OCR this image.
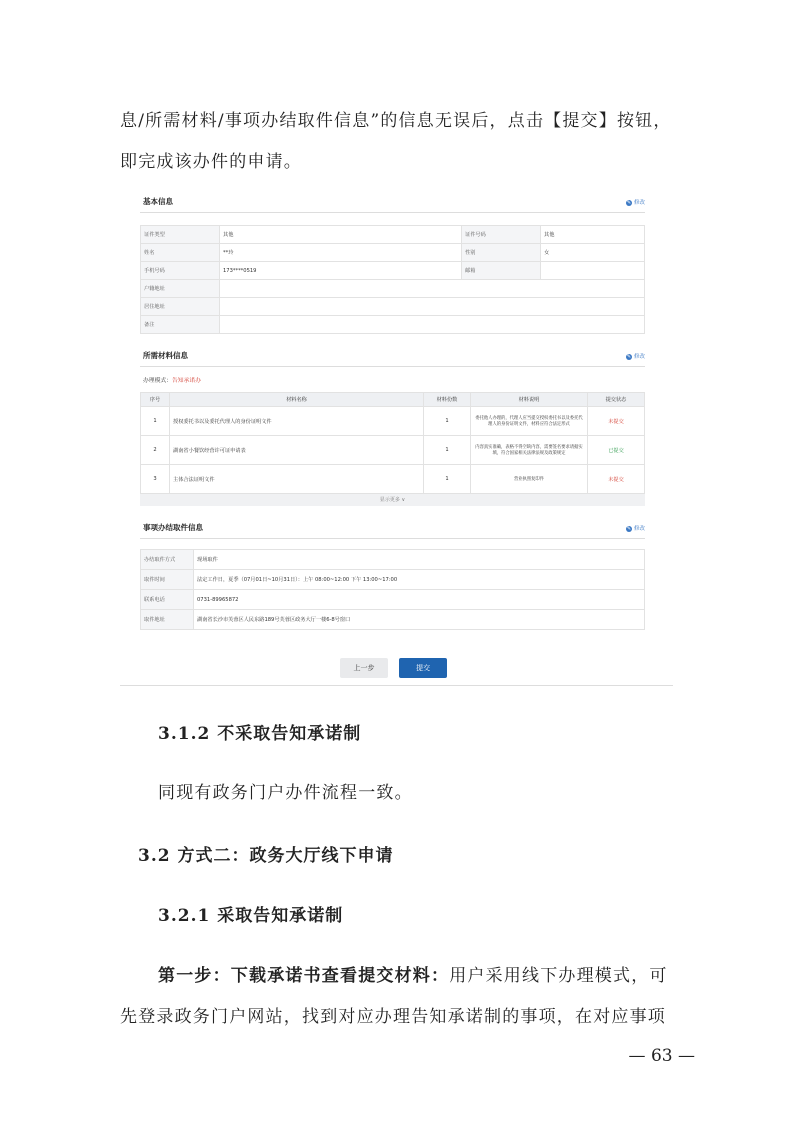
息/所需材料/事项办结取件信息”的信息无误后，点击【提交】按钮，
即完成该办件的申请。
基本信息	✎ 修改
证件类型	其他	证件号码	其他
姓名	**玲	性别	女
手机号码	173****0519	邮箱	
户籍地址			
居住地址			
备注			
所需材料信息	✎ 修改
办理模式：告知承诺办
序号	材料名称	材料份数	材料说明	提交状态
1	授权委托书以及委托代理人的身份证明文件	1	委托他人办理的，代理人应当提交授权委托书以及委托代理人的身份证明文件，材料应符合法定形式	未提交
2	湖南省小餐饮经营许可证申请表	1	内容真实准确，表格不得空缺内容，需要签名要求请据实填，符合国家相关法律法规及政策规定	已提交
3	主体合法证明文件	1	营业执照复印件	未提交
显示更多 ∨
事项办结取件信息	✎ 修改
办结取件方式	现场取件
取件时间	法定工作日，夏季（07月01日~10月31日）：上午 08:00~12:00 下午 13:00~17:00
联系电话	0731-89965872
取件地址	湖南省长沙市芙蓉区人民东路189号芙蓉区政务大厅一楼6-8号窗口
上一步	提交
3.1.2 不采取告知承诺制
同现有政务门户办件流程一致。
3.2 方式二：政务大厅线下申请
3.2.1 采取告知承诺制
第一步：下载承诺书查看提交材料：用户采用线下办理模式，可
先登录政务门户网站，找到对应办理告知承诺制的事项，在对应事项
— 63 —
